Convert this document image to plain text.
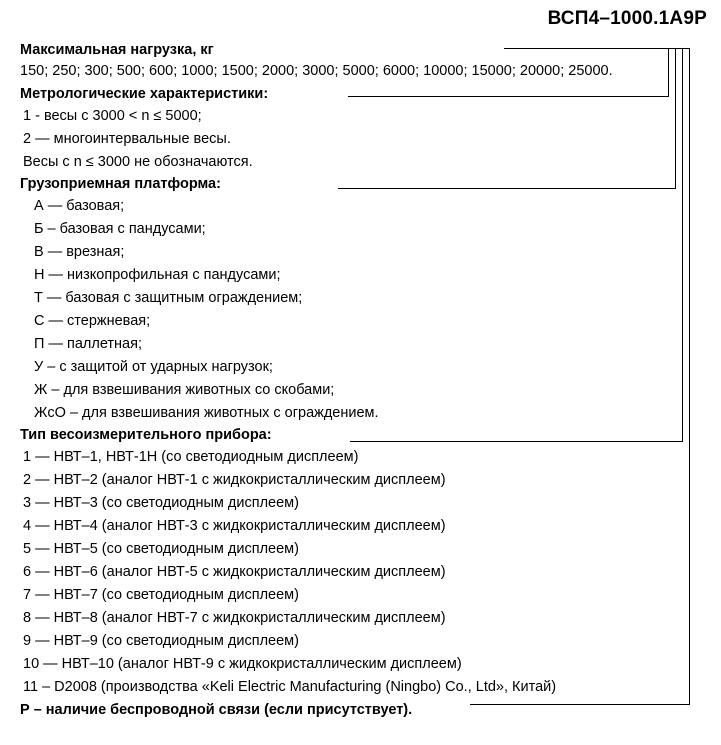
ВСП4–1000.1А9Р

Максимальная нагрузка, кг

150; 250; 300; 500; 600; 1000; 1500; 2000; 3000; 5000; 6000; 10000; 15000; 20000; 25000.

Метрологические характеристики:

1 - весы с 3000 < n ≤ 5000;

2 — многоинтервальные весы.

Весы с n ≤ 3000 не обозначаются.

Грузоприемная платформа:

А — базовая;

Б – базовая с пандусами;

В — врезная;

Н — низкопрофильная с пандусами;

Т — базовая с защитным ограждением;

С — стержневая;

П — паллетная;

У – с защитой от ударных нагрузок;

Ж – для взвешивания животных со скобами;

ЖсО – для взвешивания животных с ограждением.

Тип весоизмерительного прибора:

1 — НВТ–1, НВТ-1Н (со светодиодным дисплеем)

2 — НВТ–2 (аналог НВТ-1 с жидкокристаллическим дисплеем)

3 — НВТ–3 (со светодиодным дисплеем)

4 — НВТ–4 (аналог НВТ-3 с жидкокристаллическим дисплеем)

5 — НВТ–5 (со светодиодным дисплеем)

6 — НВТ–6 (аналог НВТ-5 с жидкокристаллическим дисплеем)

7 — НВТ–7 (со светодиодным дисплеем)

8 — НВТ–8 (аналог НВТ-7 с жидкокристаллическим дисплеем)

9 — НВТ–9 (со светодиодным дисплеем)

10 — НВТ–10 (аналог НВТ-9 с жидкокристаллическим дисплеем)

11 – D2008 (производства «Keli Electric Manufacturing (Ningbo) Co., Ltd», Китай)

Р – наличие беспроводной связи (если присутствует).
